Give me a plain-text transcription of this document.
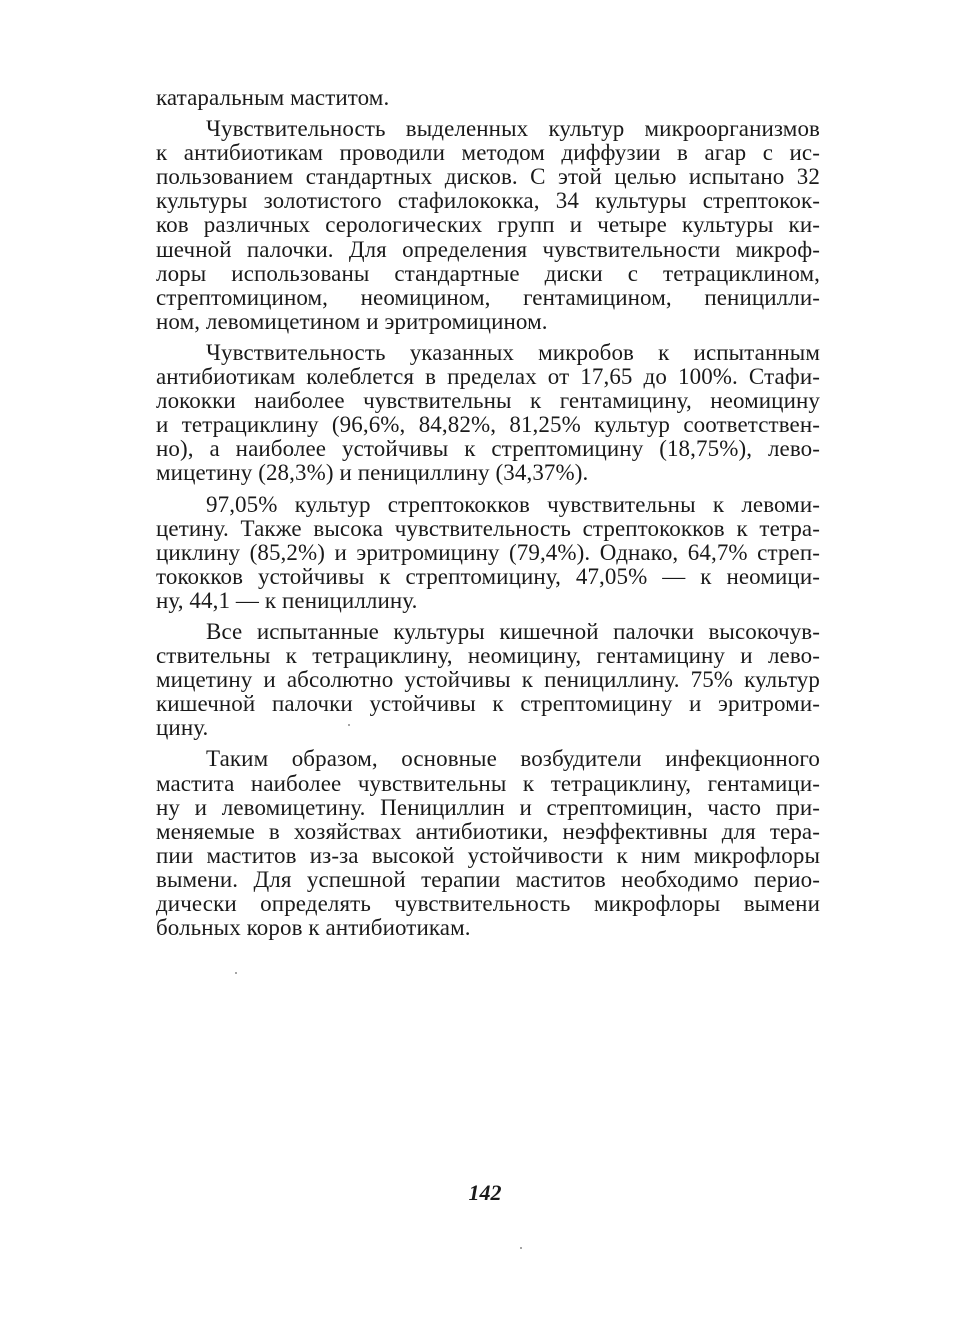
катаральным маститом.
Чувствительность выделенных культур микроорганизмов
к антибиотикам проводили методом диффузии в агар с ис-
пользованием стандартных дисков. С этой целью испытано 32
культуры золотистого стафилококка, 34 культуры стрептокок-
ков различных серологических групп и четыре культуры ки-
шечной палочки. Для определения чувствительности микроф-
лоры использованы стандартные диски с тетрациклином,
стрептомицином, неомицином, гентамицином, пеницилли-
ном, левомицетином и эритромицином.
Чувствительность указанных микробов к испытанным
антибиотикам колеблется в пределах от 17,65 до 100%. Стафи-
лококки наиболее чувствительны к гентамицину, неомицину
и тетрациклину (96,6%, 84,82%, 81,25% культур соответствен-
но), а наиболее устойчивы к стрептомицину (18,75%), лево-
мицетину (28,3%) и пенициллину (34,37%).
97,05% культур стрептококков чувствительны к левоми-
цетину. Также высока чувствительность стрептококков к тетра-
циклину (85,2%) и эритромицину (79,4%). Однако, 64,7% стреп-
тококков устойчивы к стрептомицину, 47,05% — к неомици-
ну, 44,1 — к пенициллину.
Все испытанные культуры кишечной палочки высокочув-
ствительны к тетрациклину, неомицину, гентамицину и лево-
мицетину и абсолютно устойчивы к пенициллину. 75% культур
кишечной палочки устойчивы к стрептомицину и эритроми-
цину.
Таким образом, основные возбудители инфекционного
мастита наиболее чувствительны к тетрациклину, гентамици-
ну и левомицетину. Пенициллин и стрептомицин, часто при-
меняемые в хозяйствах антибиотики, неэффективны для тера-
пии маститов из-за высокой устойчивости к ним микрофлоры
вымени. Для успешной терапии маститов необходимо перио-
дически определять чувствительность микрофлоры вымени
больных коров к антибиотикам.
142
